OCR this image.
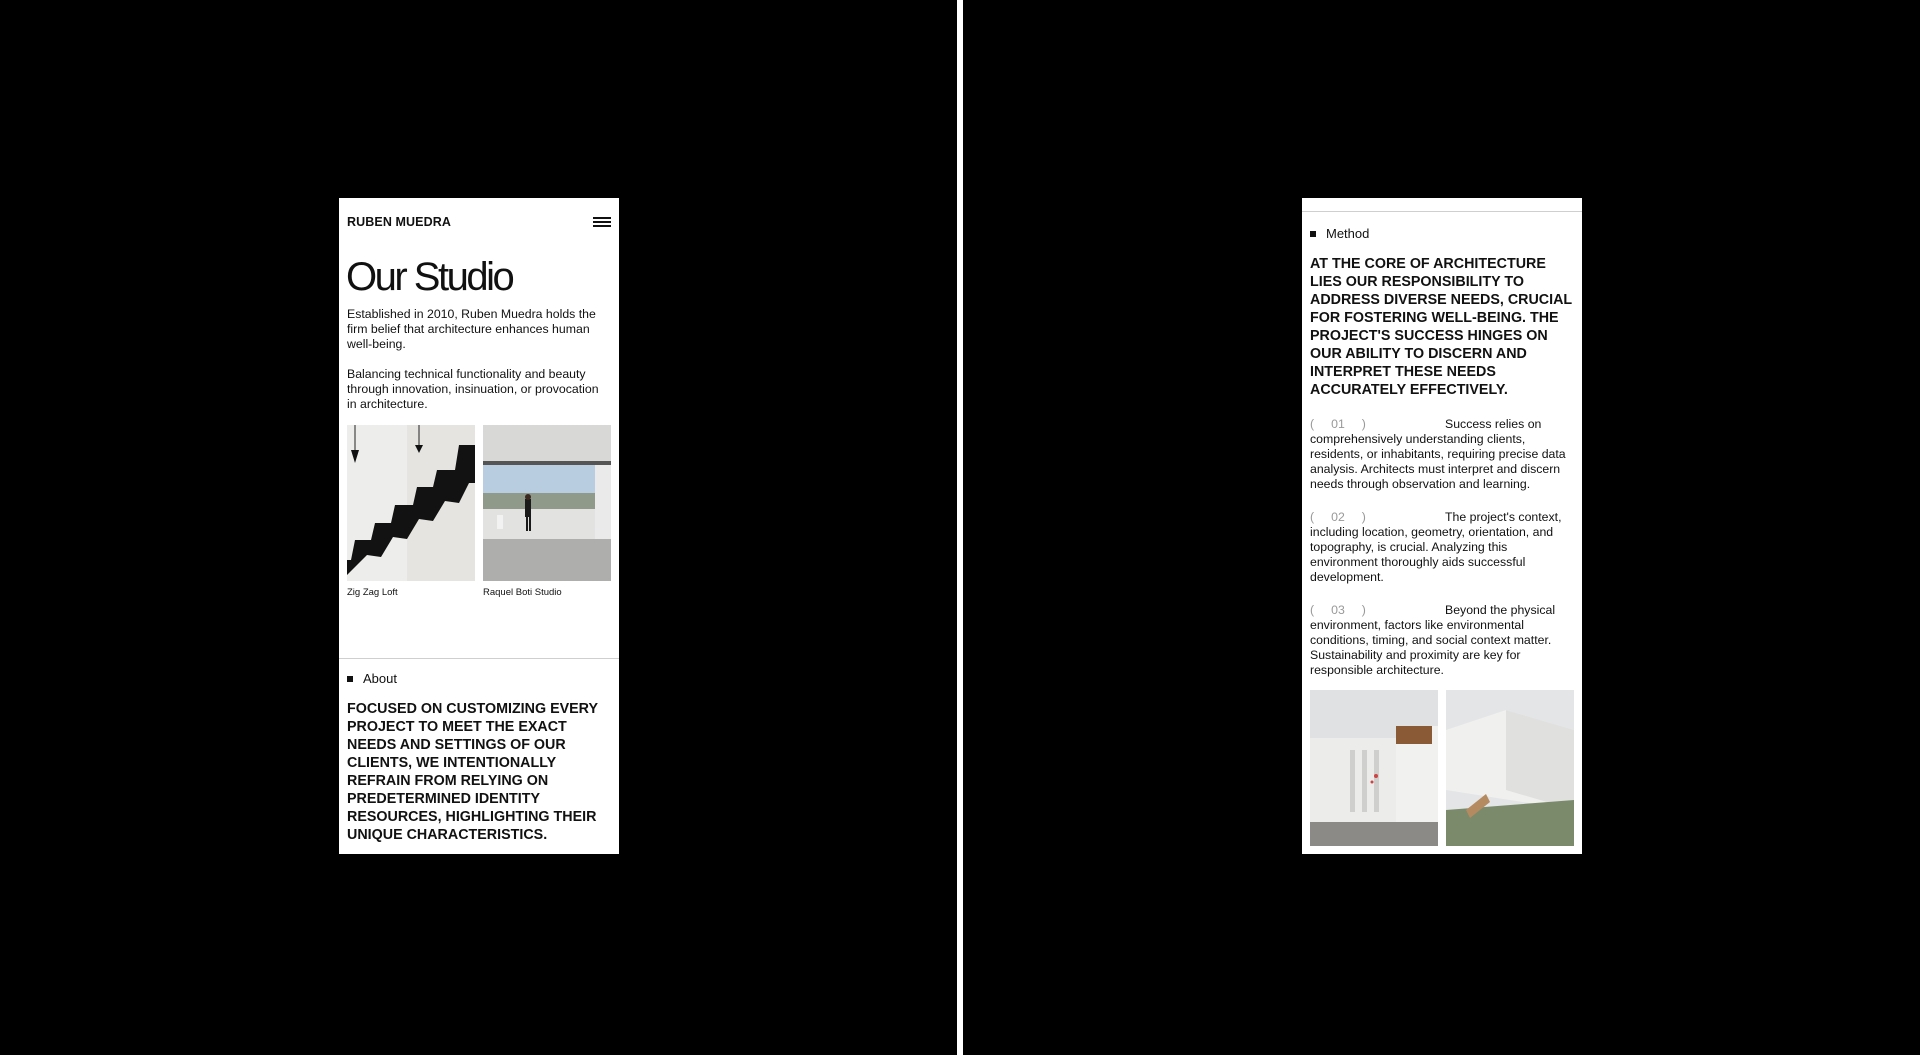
RUBEN MUEDRA
Our Studio

Established in 2010, Ruben Muedra holds the firm belief that architecture enhances human well-being.

Balancing technical functionality and beauty through innovation, insinuation, or provocation in architecture.

Zig Zag Loft	Raquel Boti Studio
About
FOCUSED ON CUSTOMIZING EVERY PROJECT TO MEET THE EXACT NEEDS AND SETTINGS OF OUR CLIENTS, WE INTENTIONALLY REFRAIN FROM RELYING ON PREDETERMINED IDENTITY RESOURCES, HIGHLIGHTING THEIR UNIQUE CHARACTERISTICS.
Method
AT THE CORE OF ARCHITECTURE LIES OUR RESPONSIBILITY TO ADDRESS DIVERSE NEEDS, CRUCIAL FOR FOSTERING WELL-BEING. THE PROJECT'S SUCCESS HINGES ON OUR ABILITY TO DISCERN AND INTERPRET THESE NEEDS ACCURATELY EFFECTIVELY.
( 01 )	Success relies on comprehensively understanding clients, residents, or inhabitants, requiring precise data analysis. Architects must interpret and discern needs through observation and learning.
( 02 )	The project's context, including location, geometry, orientation, and topography, is crucial. Analyzing this environment thoroughly aids successful development.
( 03 )	Beyond the physical environment, factors like environmental conditions, timing, and social context matter. Sustainability and proximity are key for responsible architecture.
